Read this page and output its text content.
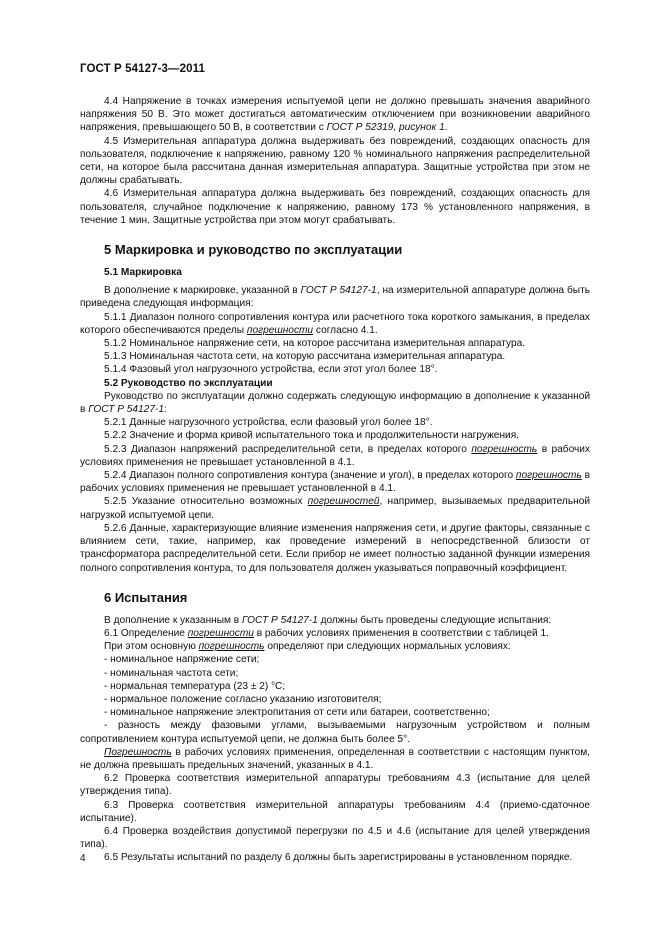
ГОСТ Р 54127-3—2011

4.4 Напряжение в точках измерения испытуемой цепи не должно превышать значения аварийного напряжения 50 В. Это может достигаться автоматическим отключением при возникновении аварийного напряжения, превышающего 50 В, в соответствии с ГОСТ Р 52319, рисунок 1.

4.5 Измерительная аппаратура должна выдерживать без повреждений, создающих опасность для пользователя, подключение к напряжению, равному 120 % номинального напряжения распределительной сети, на которое была рассчитана данная измерительная аппаратура. Защитные устройства при этом не должны срабатывать.

4.6 Измерительная аппаратура должна выдерживать без повреждений, создающих опасность для пользователя, случайное подключение к напряжению, равному 173 % установленного напряжения, в течение 1 мин. Защитные устройства при этом могут срабатывать.

5 Маркировка и руководство по эксплуатации

5.1 Маркировка

В дополнение к маркировке, указанной в ГОСТ Р 54127-1, на измерительной аппаратуре должна быть приведена следующая информация:

5.1.1 Диапазон полного сопротивления контура или расчетного тока короткого замыкания, в пределах которого обеспечиваются пределы погрешности согласно 4.1.

5.1.2 Номинальное напряжение сети, на которое рассчитана измерительная аппаратура.

5.1.3 Номинальная частота сети, на которую рассчитана измерительная аппаратура.

5.1.4 Фазовый угол нагрузочного устройства, если этот угол более 18°.

5.2 Руководство по эксплуатации

Руководство по эксплуатации должно содержать следующую информацию в дополнение к указанной в ГОСТ Р 54127-1:

5.2.1 Данные нагрузочного устройства, если фазовый угол более 18°.

5.2.2 Значение и форма кривой испытательного тока и продолжительности нагружения.

5.2.3 Диапазон напряжений распределительной сети, в пределах которого погрешность в рабочих условиях применения не превышает установленной в 4.1.

5.2.4 Диапазон полного сопротивления контура (значение и угол), в пределах которого погрешность в рабочих условиях применения не превышает установленной в 4.1.

5.2.5 Указание относительно возможных погрешностей, например, вызываемых предварительной нагрузкой испытуемой цепи.

5.2.6 Данные, характеризующие влияние изменения напряжения сети, и другие факторы, связанные с влиянием сети, такие, например, как проведение измерений в непосредственной близости от трансформатора распределительной сети. Если прибор не имеет полностью заданной функции измерения полного сопротивления контура, то для пользователя должен указываться поправочный коэффициент.

6 Испытания

В дополнение к указанным в ГОСТ Р 54127-1 должны быть проведены следующие испытания:

6.1 Определение погрешности в рабочих условиях применения в соответствии с таблицей 1.

При этом основную погрешность определяют при следующих нормальных условиях:

- номинальное напряжение сети;

- номинальная частота сети;

- нормальная температура (23 ± 2) °С;

- нормальное положение согласно указанию изготовителя;

- номинальное напряжение электропитания от сети или батареи, соответственно;

- разность между фазовыми углами, вызываемыми нагрузочным устройством и полным сопротивлением контура испытуемой цепи, не должна быть более 5°.

Погрешность в рабочих условиях применения, определенная в соответствии с настоящим пунктом, не должна превышать предельных значений, указанных в 4.1.

6.2 Проверка соответствия измерительной аппаратуры требованиям 4.3 (испытание для целей утверждения типа).

6.3 Проверка соответствия измерительной аппаратуры требованиям 4.4 (приемо-сдаточное испытание).

6.4 Проверка воздействия допустимой перегрузки по 4.5 и 4.6 (испытание для целей утверждения типа).

6.5 Результаты испытаний по разделу 6 должны быть зарегистрированы в установленном порядке.

4
